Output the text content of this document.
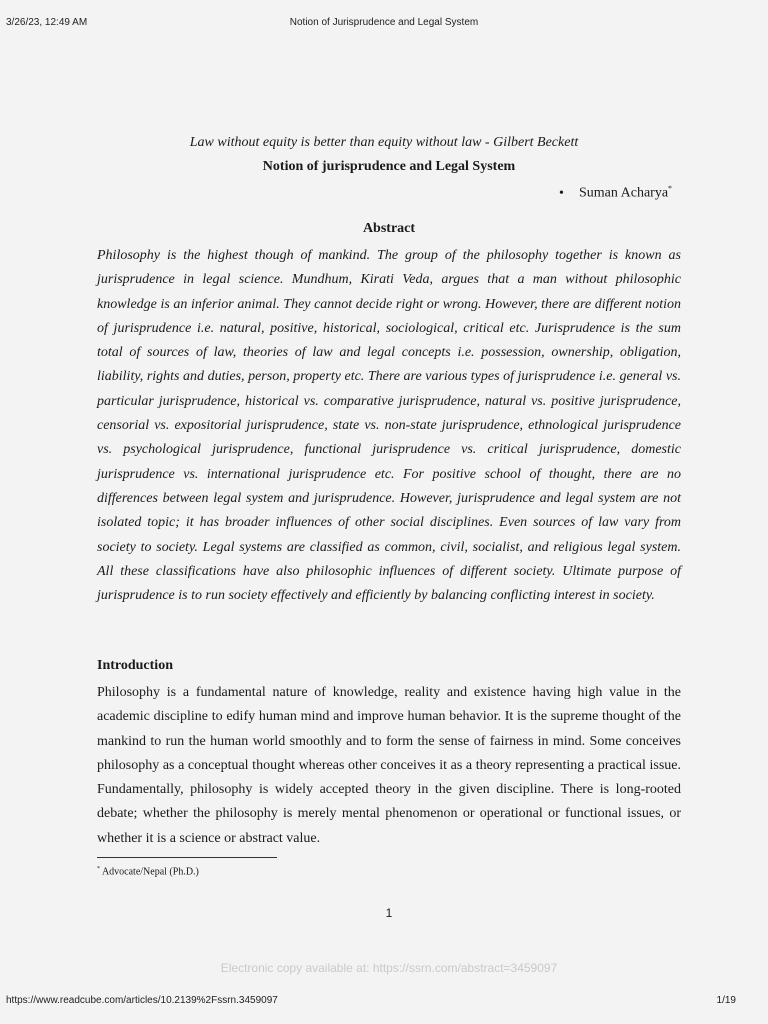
3/26/23, 12:49 AM	Notion of Jurisprudence and Legal System
Law without equity is better than equity without law - Gilbert Beckett
Notion of jurisprudence and Legal System
• Suman Acharya*
Abstract
Philosophy is the highest though of mankind. The group of the philosophy together is known as jurisprudence in legal science. Mundhum, Kirati Veda, argues that a man without philosophic knowledge is an inferior animal. They cannot decide right or wrong. However, there are different notion of jurisprudence i.e. natural, positive, historical, sociological, critical etc. Jurisprudence is the sum total of sources of law, theories of law and legal concepts i.e. possession, ownership, obligation, liability, rights and duties, person, property etc. There are various types of jurisprudence i.e. general vs. particular jurisprudence, historical vs. comparative jurisprudence, natural vs. positive jurisprudence, censorial vs. expositorial jurisprudence, state vs. non-state jurisprudence, ethnological jurisprudence vs. psychological jurisprudence, functional jurisprudence vs. critical jurisprudence, domestic jurisprudence vs. international jurisprudence etc. For positive school of thought, there are no differences between legal system and jurisprudence. However, jurisprudence and legal system are not isolated topic; it has broader influences of other social disciplines. Even sources of law vary from society to society. Legal systems are classified as common, civil, socialist, and religious legal system. All these classifications have also philosophic influences of different society. Ultimate purpose of jurisprudence is to run society effectively and efficiently by balancing conflicting interest in society.
Introduction
Philosophy is a fundamental nature of knowledge, reality and existence having high value in the academic discipline to edify human mind and improve human behavior. It is the supreme thought of the mankind to run the human world smoothly and to form the sense of fairness in mind. Some conceives philosophy as a conceptual thought whereas other conceives it as a theory representing a practical issue. Fundamentally, philosophy is widely accepted theory in the given discipline. There is long-rooted debate; whether the philosophy is merely mental phenomenon or operational or functional issues, or whether it is a science or abstract value.
* Advocate/Nepal (Ph.D.)
1
Electronic copy available at: https://ssrn.com/abstract=3459097
https://www.readcube.com/articles/10.2139%2Fssrn.3459097	1/19
